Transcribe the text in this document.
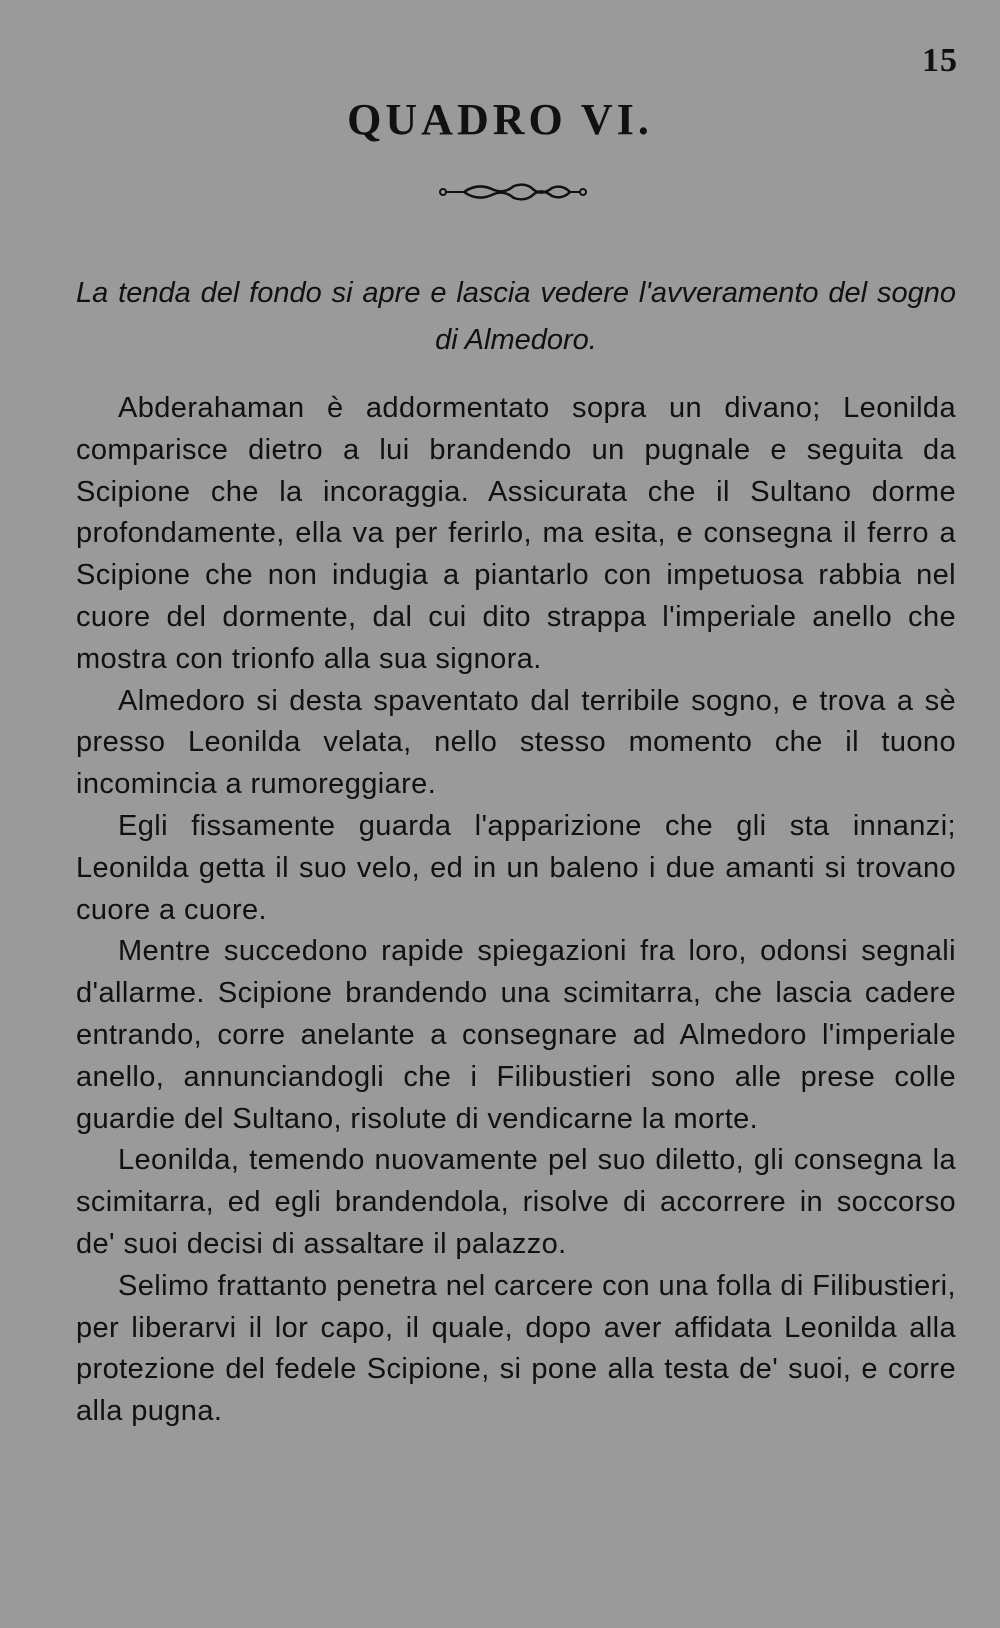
15
QUADRO VI.
La tenda del fondo si apre e lascia vedere l'avveramento del sogno di Almedoro.

Abderahaman è addormentato sopra un divano; Leonilda comparisce dietro a lui brandendo un pugnale e seguita da Scipione che la incoraggia. Assicurata che il Sultano dorme profondamente, ella va per ferirlo, ma esita, e consegna il ferro a Scipione che non indugia a piantarlo con impetuosa rabbia nel cuore del dormente, dal cui dito strappa l'imperiale anello che mostra con trionfo alla sua signora.

Almedoro si desta spaventato dal terribile sogno, e trova a sè presso Leonilda velata, nello stesso momento che il tuono incomincia a rumoreggiare.

Egli fissamente guarda l'apparizione che gli sta innanzi; Leonilda getta il suo velo, ed in un baleno i due amanti si trovano cuore a cuore.

Mentre succedono rapide spiegazioni fra loro, odonsi segnali d'allarme. Scipione brandendo una scimitarra, che lascia cadere entrando, corre anelante a consegnare ad Almedoro l'imperiale anello, annunciandogli che i Filibustieri sono alle prese colle guardie del Sultano, risolute di vendicarne la morte.

Leonilda, temendo nuovamente pel suo diletto, gli consegna la scimitarra, ed egli brandendola, risolve di accorrere in soccorso de' suoi decisi di assaltare il palazzo.

Selimo frattanto penetra nel carcere con una folla di Filibustieri, per liberarvi il lor capo, il quale, dopo aver affidata Leonilda alla protezione del fedele Scipione, si pone alla testa de' suoi, e corre alla pugna.
